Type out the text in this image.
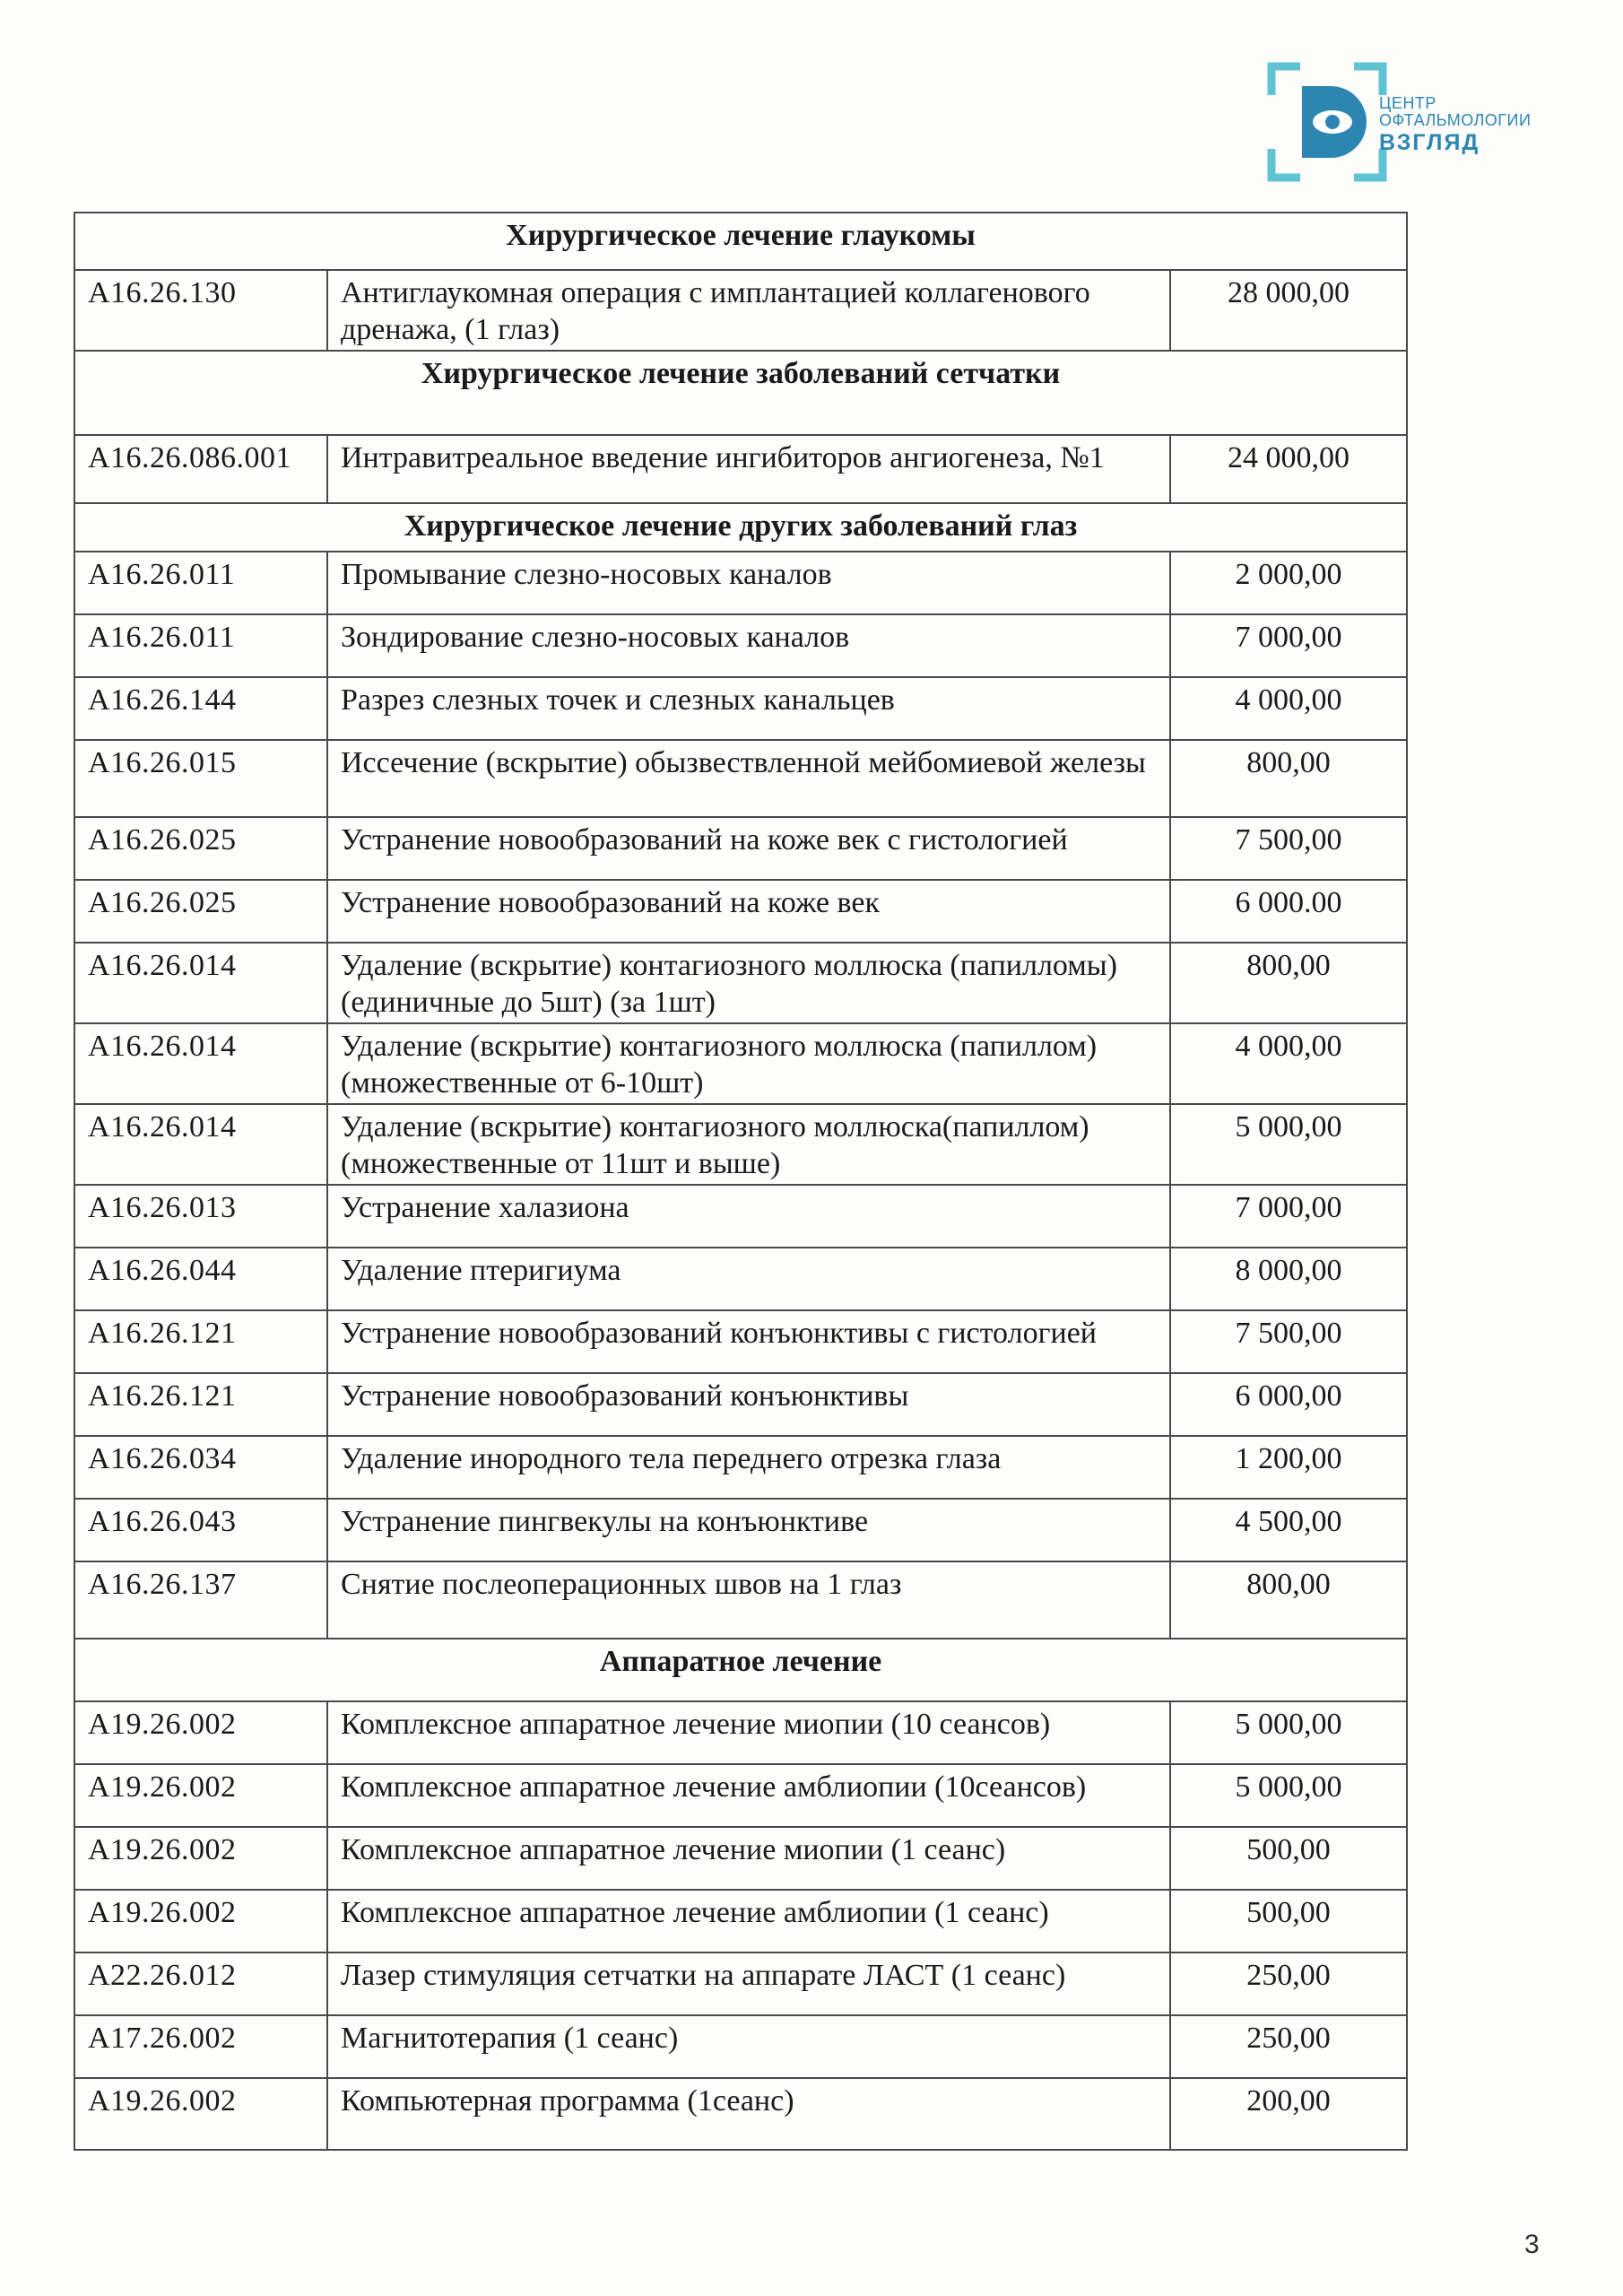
ЦЕНТР
ОФТАЛЬМОЛОГИИ
ВЗГЛЯД
Хирургическое лечение глаукомы		
А16.26.130	Антиглаукомная операция с имплантацией коллагенового дренажа, (1 глаз)	28 000,00
Хирургическое лечение заболеваний сетчатки		
А16.26.086.001	Интравитреальное введение ингибиторов ангиогенеза, №1	24 000,00
Хирургическое лечение других заболеваний глаз		
А16.26.011	Промывание слезно-носовых каналов	2 000,00
А16.26.011	Зондирование слезно-носовых каналов	7 000,00
А16.26.144	Разрез слезных точек и слезных канальцев	4 000,00
А16.26.015	Иссечение (вскрытие) обызвествленной мейбомиевой железы	800,00
А16.26.025	Устранение новообразований на коже век с гистологией	7 500,00
А16.26.025	Устранение новообразований на коже век	6 000.00
А16.26.014	Удаление (вскрытие) контагиозного моллюска (папилломы) (единичные до 5шт) (за 1шт)	800,00
А16.26.014	Удаление (вскрытие) контагиозного моллюска (папиллом) (множественные от 6-10шт)	4 000,00
А16.26.014	Удаление (вскрытие) контагиозного моллюска(папиллом) (множественные от 11шт и выше)	5 000,00
А16.26.013	Устранение халазиона	7 000,00
А16.26.044	Удаление птеригиума	8 000,00
А16.26.121	Устранение новообразований конъюнктивы с гистологией	7 500,00
А16.26.121	Устранение новообразований конъюнктивы	6 000,00
А16.26.034	Удаление инородного тела переднего отрезка глаза	1 200,00
А16.26.043	Устранение пингвекулы на конъюнктиве	4 500,00
А16.26.137	Снятие послеоперационных швов на 1 глаз	800,00
Аппаратное лечение		
А19.26.002	Комплексное аппаратное лечение миопии (10 сеансов)	5 000,00
А19.26.002	Комплексное аппаратное лечение амблиопии (10сеансов)	5 000,00
А19.26.002	Комплексное аппаратное лечение миопии (1 сеанс)	500,00
А19.26.002	Комплексное аппаратное лечение амблиопии (1 сеанс)	500,00
А22.26.012	Лазер стимуляция сетчатки на аппарате ЛАСТ (1 сеанс)	250,00
А17.26.002	Магнитотерапия (1 сеанс)	250,00
А19.26.002	Компьютерная программа (1сеанс)	200,00
3
